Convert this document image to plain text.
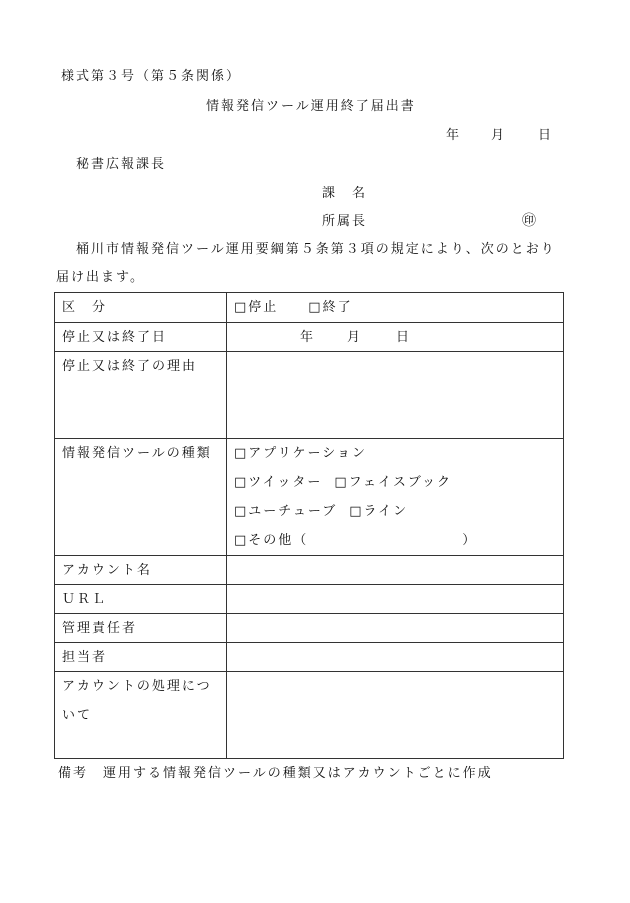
様式第３号（第５条関係）
情報発信ツール運用終了届出書
年 月 日
秘書広報課長
課　名
所属長	㊞
桶川市情報発信ツール運用要綱第５条第３項の規定により、次のとおり
届け出ます。
区　分	□停止 □終了

停止又は終了日	年 月 日

停止又は終了の理由	

情報発信ツールの種類	□アプリケーション
□ツイッター □フェイスブック
□ユーチューブ □ライン
□その他（ ）

アカウント名	

ＵＲＬ	

管理責任者	

担当者	

アカウントの処理につ
いて	

備考　運用する情報発信ツールの種類又はアカウントごとに作成
